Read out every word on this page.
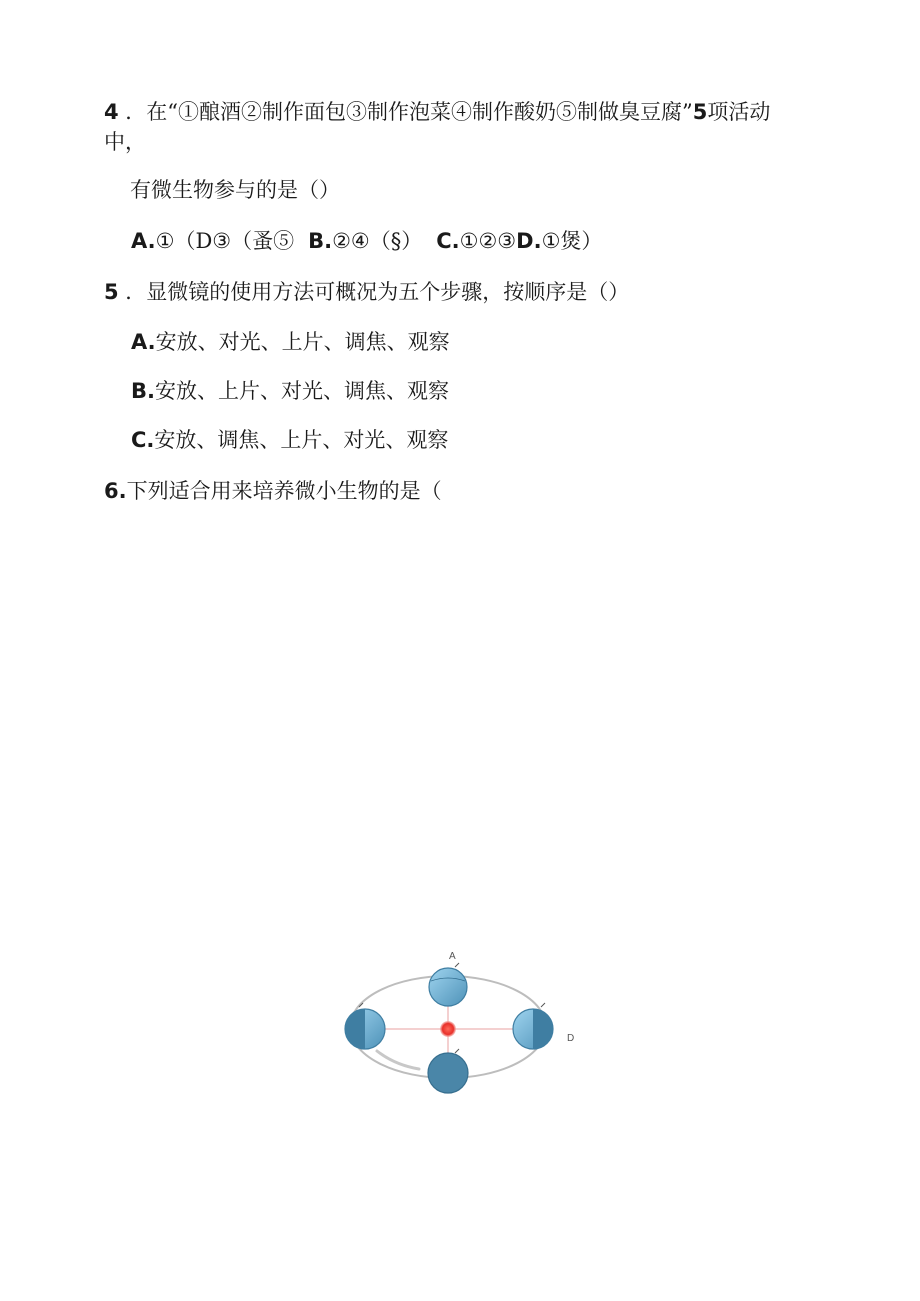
4 ．在“①酿酒②制作面包③制作泡菜④制作酸奶⑤制做臭豆腐”5项活动
中，
有微生物参与的是（）
A.①（D③（蚤⑤ B.②④（§） C.①②③D.①煲）
5 ．显微镜的使用方法可概况为五个步骤，按顺序是（）
A.安放、对光、上片、调焦、观察
B.安放、上片、对光、调焦、观察
C.安放、调焦、上片、对光、观察
6.下列适合用来培养微小生物的是（
A
D
